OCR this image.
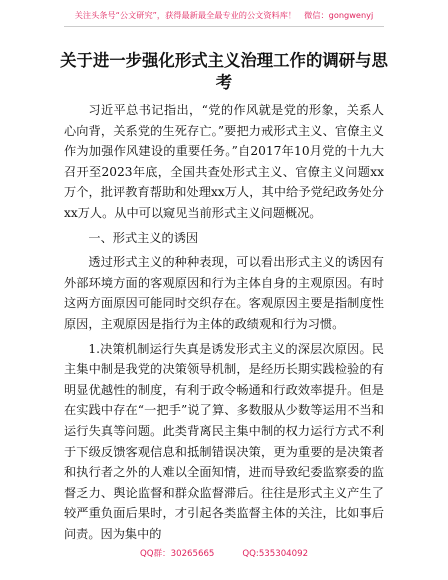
关注头条号“公文研究”，获得最新最全最专业的公文资料库！ 微信：gongwenyj
关于进一步强化形式主义治理工作的调研与思考

习近平总书记指出，“党的作风就是党的形象，关系人心向背，关系党的生死存亡。”要把力戒形式主义、官僚主义作为加强作风建设的重要任务。”自2017年10月党的十九大召开至2023年底，全国共查处形式主义、官僚主义问题xx万个，批评教育帮助和处理xx万人，其中给予党纪政务处分xx万人。从中可以窥见当前形式主义问题概况。

一、形式主义的诱因

透过形式主义的种种表现，可以看出形式主义的诱因有外部环境方面的客观原因和行为主体自身的主观原因。有时这两方面原因可能同时交织存在。客观原因主要是指制度性原因，主观原因是指行为主体的政绩观和行为习惯。

1.决策机制运行失真是诱发形式主义的深层次原因。民主集中制是我党的决策领导机制，是经历长期实践检验的有明显优越性的制度，有利于政令畅通和行政效率提升。但是在实践中存在“一把手”说了算、多数服从少数等运用不当和运行失真等问题。此类背离民主集中制的权力运行方式不利于下级反馈客观信息和抵制错误决策，更为重要的是决策者和执行者之外的人难以全面知情，进而导致纪委监察委的监督乏力、舆论监督和群众监督滞后。往往是形式主义产生了较严重负面后果时，才引起各类监督主体的关注，比如事后问责。因为集中的

QQ群：30265665	QQ:535304092
